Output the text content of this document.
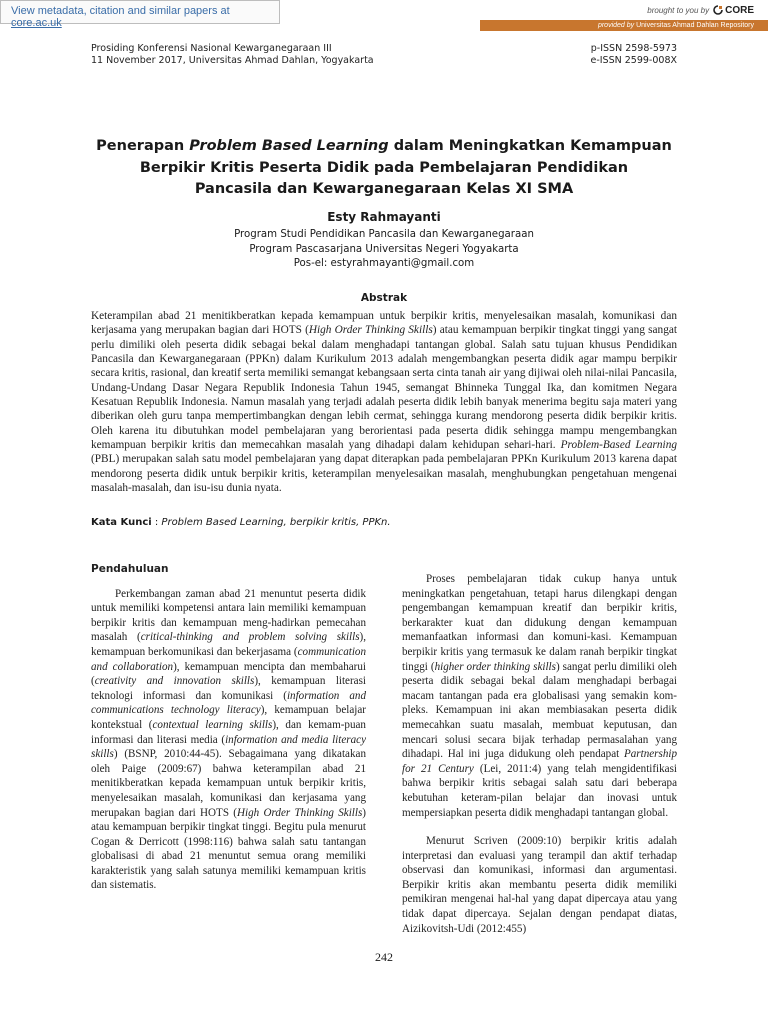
View metadata, citation and similar papers at core.ac.uk
brought to you by CORE
provided by Universitas Ahmad Dahlan Repository
Prosiding Konferensi Nasional Kewarganegaraan III
11 November 2017, Universitas Ahmad Dahlan, Yogyakarta
p-ISSN 2598-5973
e-ISSN 2599-008X
Penerapan Problem Based Learning dalam Meningkatkan Kemampuan
Berpikir Kritis Peserta Didik pada Pembelajaran Pendidikan
Pancasila dan Kewarganegaraan Kelas XI SMA
Esty Rahmayanti
Program Studi Pendidikan Pancasila dan Kewarganegaraan
Program Pascasarjana Universitas Negeri Yogyakarta
Pos-el: estyrahmayanti@gmail.com
Abstrak
Keterampilan abad 21 menitikberatkan kepada kemampuan untuk berpikir kritis, menyelesaikan masalah, komunikasi dan kerjasama yang merupakan bagian dari HOTS (High Order Thinking Skills) atau kemampuan berpikir tingkat tinggi yang sangat perlu dimiliki oleh peserta didik sebagai bekal dalam menghadapi tantangan global. Salah satu tujuan khusus Pendidikan Pancasila dan Kewarganegaraan (PPKn) dalam Kurikulum 2013 adalah mengembangkan peserta didik agar mampu berpikir secara kritis, rasional, dan kreatif serta memiliki semangat kebangsaan serta cinta tanah air yang dijiwai oleh nilai-nilai Pancasila, Undang-Undang Dasar Negara Republik Indonesia Tahun 1945, semangat Bhinneka Tunggal Ika, dan komitmen Negara Kesatuan Republik Indonesia. Namun masalah yang terjadi adalah peserta didik lebih banyak menerima begitu saja materi yang diberikan oleh guru tanpa mempertimbangkan dengan lebih cermat, sehingga kurang mendorong peserta didik berpikir kritis. Oleh karena itu dibutuhkan model pembelajaran yang berorientasi pada peserta didik sehingga mampu mengembangkan kemampuan berpikir kritis dan memecahkan masalah yang dihadapi dalam kehidupan sehari-hari. Problem-Based Learning (PBL) merupakan salah satu model pembelajaran yang dapat diterapkan pada pembelajaran PPKn Kurikulum 2013 karena dapat mendorong peserta didik untuk berpikir kritis, keterampilan menyelesaikan masalah, menghubungkan pengetahuan mengenai masalah-masalah, dan isu-isu dunia nyata.
Kata Kunci : Problem Based Learning, berpikir kritis, PPKn.
Pendahuluan

Perkembangan zaman abad 21 menuntut peserta didik untuk memiliki kompetensi antara lain memiliki kemampuan berpikir kritis dan kemampuan meng-hadirkan pemecahan masalah (critical-thinking and problem solving skills), kemampuan berkomunikasi dan bekerjasama (communication and collaboration), kemampuan mencipta dan membaharui (creativity and innovation skills), kemampuan literasi teknologi informasi dan komunikasi (information and communications technology literacy), kemampuan belajar kontekstual (contextual learning skills), dan kemam-puan informasi dan literasi media (information and media literacy skills) (BSNP, 2010:44-45). Sebagaimana yang dikatakan oleh Paige (2009:67) bahwa keterampilan abad 21 menitikberatkan kepada kemampuan untuk berpikir kritis, menyelesaikan masalah, komunikasi dan kerjasama yang merupakan bagian dari HOTS (High Order Thinking Skills) atau kemampuan berpikir tingkat tinggi. Begitu pula menurut Cogan & Derricott (1998:116) bahwa salah satu tantangan globalisasi di abad 21 menuntut semua orang memiliki karakteristik yang salah satunya memiliki kemampuan kritis dan sistematis.

Proses pembelajaran tidak cukup hanya untuk meningkatkan pengetahuan, tetapi harus dilengkapi dengan pengembangan kemampuan kreatif dan berpikir kritis, berkarakter kuat dan didukung dengan kemampuan memanfaatkan informasi dan komuni-kasi. Kemampuan berpikir kritis yang termasuk ke dalam ranah berpikir tingkat tinggi (higher order thinking skills) sangat perlu dimiliki oleh peserta didik sebagai bekal dalam menghadapi berbagai macam tantangan pada era globalisasi yang semakin kom-pleks. Kemampuan ini akan membiasakan peserta didik memecahkan suatu masalah, membuat keputusan, dan mencari solusi secara bijak terhadap permasalahan yang dihadapi. Hal ini juga didukung oleh pendapat Partnership for 21 Century (Lei, 2011:4) yang telah mengidentifikasi bahwa berpikir kritis sebagai salah satu dari beberapa kebutuhan keteram-pilan belajar dan inovasi untuk mempersiapkan peserta didik menghadapi tantangan global.

Menurut Scriven (2009:10) berpikir kritis adalah interpretasi dan evaluasi yang terampil dan aktif terhadap observasi dan komunikasi, informasi dan argumentasi. Berpikir kritis akan membantu peserta didik memiliki pemikiran mengenai hal-hal yang dapat dipercaya atau yang tidak dapat dipercaya. Sejalan dengan pendapat diatas, Aizikovitsh-Udi (2012:455)

242
